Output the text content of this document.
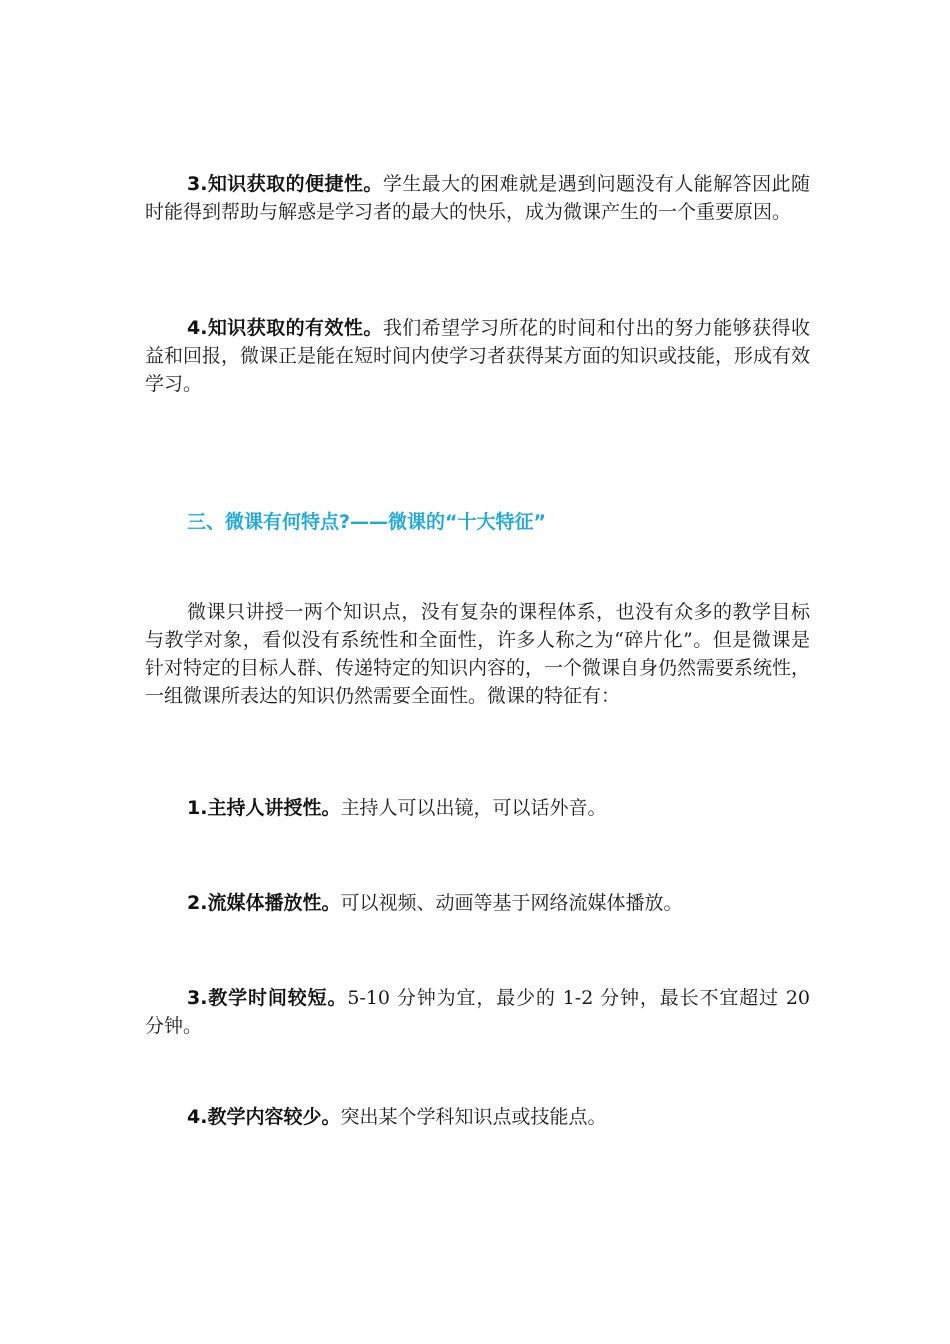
3.知识获取的便捷性。学生最大的困难就是遇到问题没有人能解答因此随时能得到帮助与解惑是学习者的最大的快乐，成为微课产生的一个重要原因。

4.知识获取的有效性。我们希望学习所花的时间和付出的努力能够获得收益和回报，微课正是能在短时间内使学习者获得某方面的知识或技能，形成有效学习。

三、微课有何特点?——微课的“十大特征”

微课只讲授一两个知识点，没有复杂的课程体系，也没有众多的教学目标与教学对象，看似没有系统性和全面性，许多人称之为“碎片化”。但是微课是针对特定的目标人群、传递特定的知识内容的，一个微课自身仍然需要系统性，一组微课所表达的知识仍然需要全面性。微课的特征有：

1.主持人讲授性。主持人可以出镜，可以话外音。

2.流媒体播放性。可以视频、动画等基于网络流媒体播放。

3.教学时间较短。5-10 分钟为宜，最少的 1-2 分钟，最长不宜超过 20 分钟。

4.教学内容较少。突出某个学科知识点或技能点。
